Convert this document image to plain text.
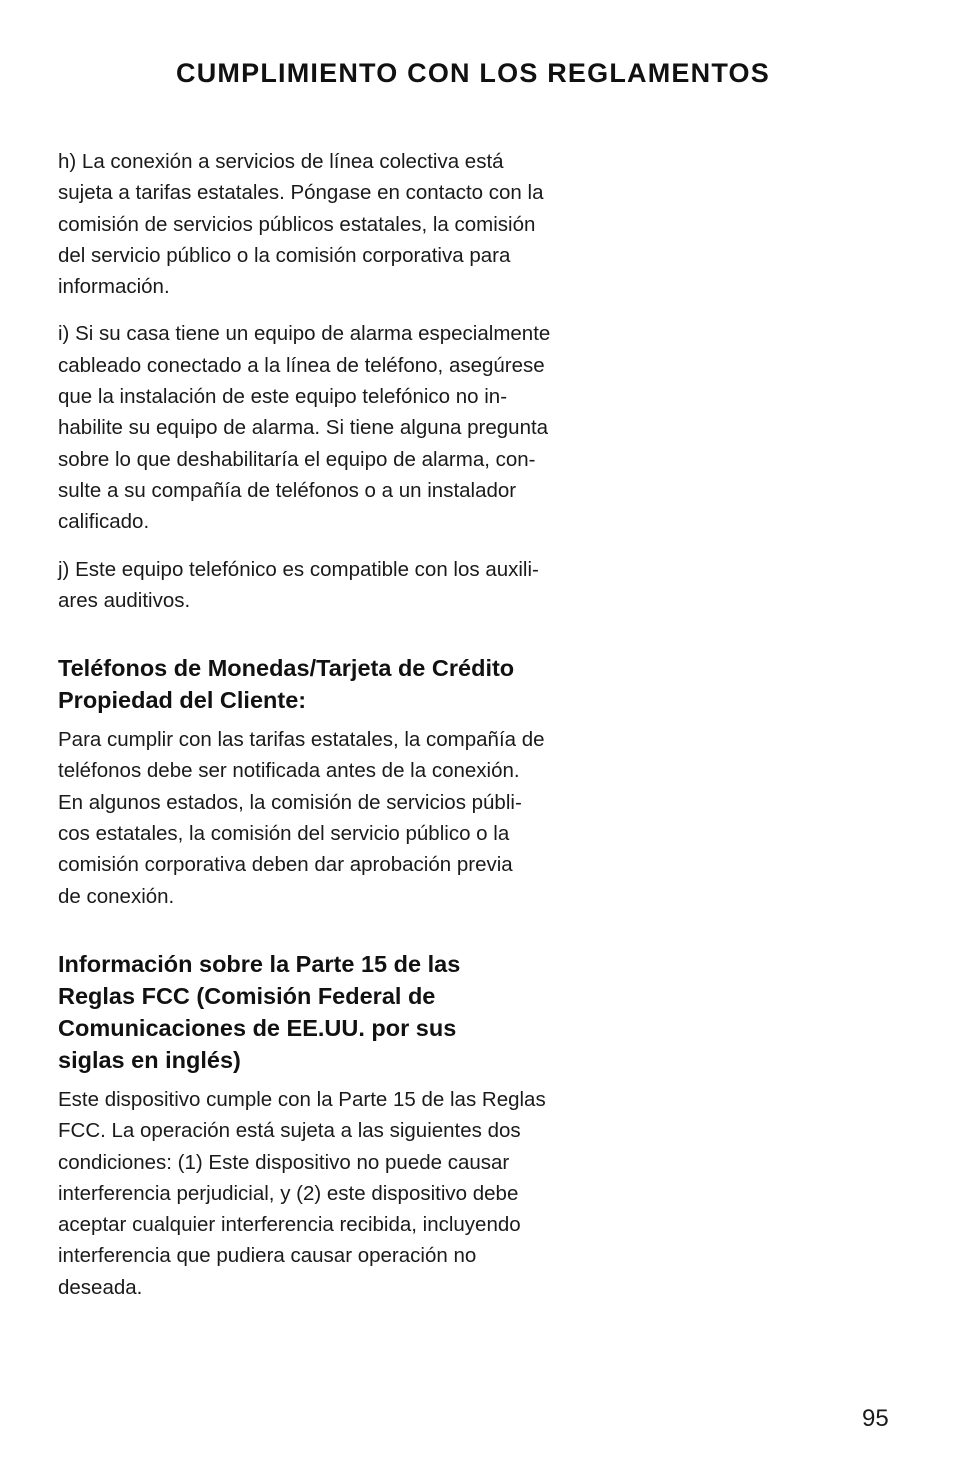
CUMPLIMIENTO CON LOS REGLAMENTOS

h) La conexión a servicios de línea colectiva está
sujeta a tarifas estatales. Póngase en contacto con la
comisión de servicios públicos estatales, la comisión
del servicio público o la comisión corporativa para
información.

i) Si su casa tiene un equipo de alarma especialmente
cableado conectado a la línea de teléfono, asegúrese
que la instalación de este equipo telefónico no in-
habilite su equipo de alarma. Si tiene alguna pregunta
sobre lo que deshabilitaría el equipo de alarma, con-
sulte a su compañía de teléfonos o a un instalador
calificado.

j) Este equipo telefónico es compatible con los auxili-
ares auditivos.

Teléfonos de Monedas/Tarjeta de Crédito
Propiedad del Cliente:

Para cumplir con las tarifas estatales, la compañía de
teléfonos debe ser notificada antes de la conexión.
En algunos estados, la comisión de servicios públi-
cos estatales, la comisión del servicio público o la
comisión corporativa deben dar aprobación previa
de conexión.

Información sobre la Parte 15 de las
Reglas FCC (Comisión Federal de
Comunicaciones de EE.UU. por sus
siglas en inglés)

Este dispositivo cumple con la Parte 15 de las Reglas
FCC. La operación está sujeta a las siguientes dos
condiciones: (1) Este dispositivo no puede causar
interferencia perjudicial, y (2) este dispositivo debe
aceptar cualquier interferencia recibida, incluyendo
interferencia que pudiera causar operación no
deseada.

95
